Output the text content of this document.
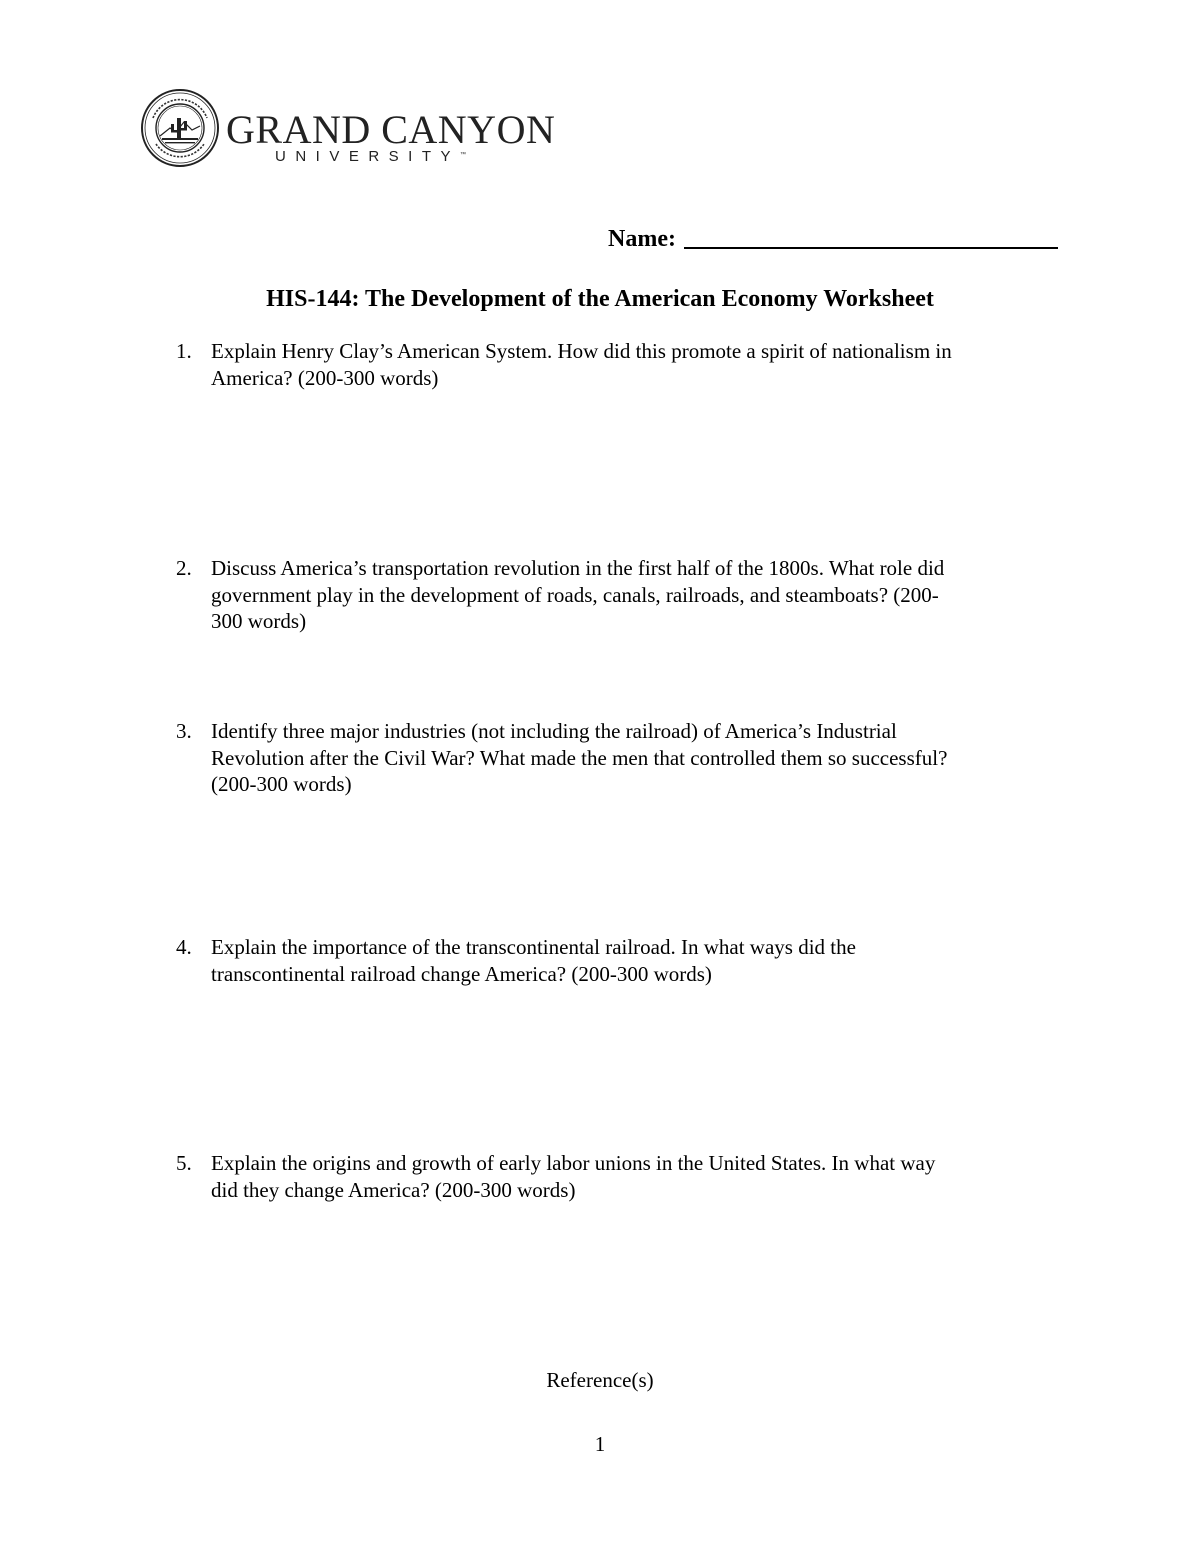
GRAND CANYON
UNIVERSITY™
Name:
HIS-144: The Development of the American Economy Worksheet
1. Explain Henry Clay’s American System. How did this promote a spirit of nationalism in
America? (200-300 words)
2. Discuss America’s transportation revolution in the first half of the 1800s. What role did
government play in the development of roads, canals, railroads, and steamboats? (200-
300 words)
3. Identify three major industries (not including the railroad) of America’s Industrial
Revolution after the Civil War? What made the men that controlled them so successful?
(200-300 words)
4. Explain the importance of the transcontinental railroad. In what ways did the
transcontinental railroad change America? (200-300 words)
5. Explain the origins and growth of early labor unions in the United States. In what way
did they change America? (200-300 words)
Reference(s)
1
